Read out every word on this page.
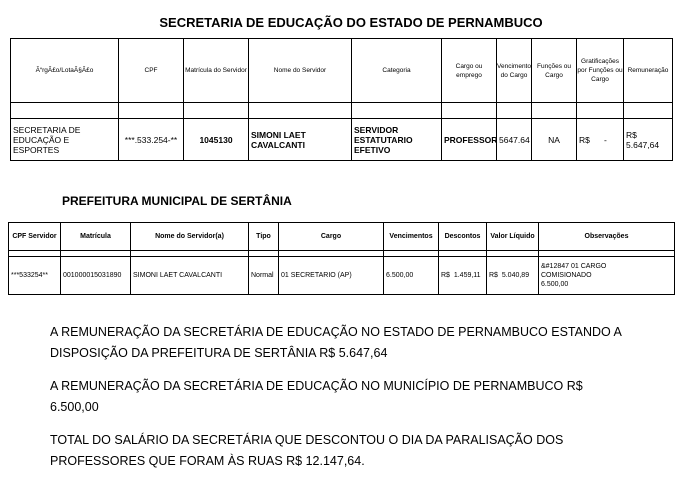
SECRETARIA DE EDUCAÇÃO DO ESTADO DE PERNAMBUCO
Ã“rgÃ£o/LotaÃ§Ã£o	CPF	Matrícula do Servidor	Nome do Servidor	Categoria	Cargo ou emprego	Vencimento do Cargo	Funções ou Cargo	Gratificações por Funções ou Cargo	Remuneração

SECRETARIA DE EDUCAÇÃO E ESPORTES	***.533.254-**	1045130	SIMONI LAET CAVALCANTI	SERVIDOR ESTATUTARIO EFETIVO	PROFESSOR	5647.64	NA	R$      -	R$ 5.647,64
PREFEITURA MUNICIPAL DE SERTÂNIA
CPF Servidor	Matrícula	Nome do Servidor(a)	Tipo	Cargo	Vencimentos	Descontos	Valor Líquido	Observações

***533254**	001000015031890	SIMONI LAET CAVALCANTI	Normal	01 SECRETARIO (AP)	6.500,00	R$  1.459,11	R$  5.040,89	&#12847 01 CARGO
COMISIONADO
6.500,00
A REMUNERAÇÃO DA SECRETÁRIA DE EDUCAÇÃO NO ESTADO DE PERNAMBUCO ESTANDO A
DISPOSIÇÃO DA PREFEITURA DE SERTÂNIA R$ 5.647,64
A REMUNERAÇÃO DA SECRETÁRIA DE EDUCAÇÃO NO MUNICÍPIO DE PERNAMBUCO R$
6.500,00
TOTAL DO SALÁRIO DA SECRETÁRIA QUE DESCONTOU O DIA DA PARALISAÇÃO DOS
PROFESSORES QUE FORAM ÀS RUAS R$ 12.147,64.
